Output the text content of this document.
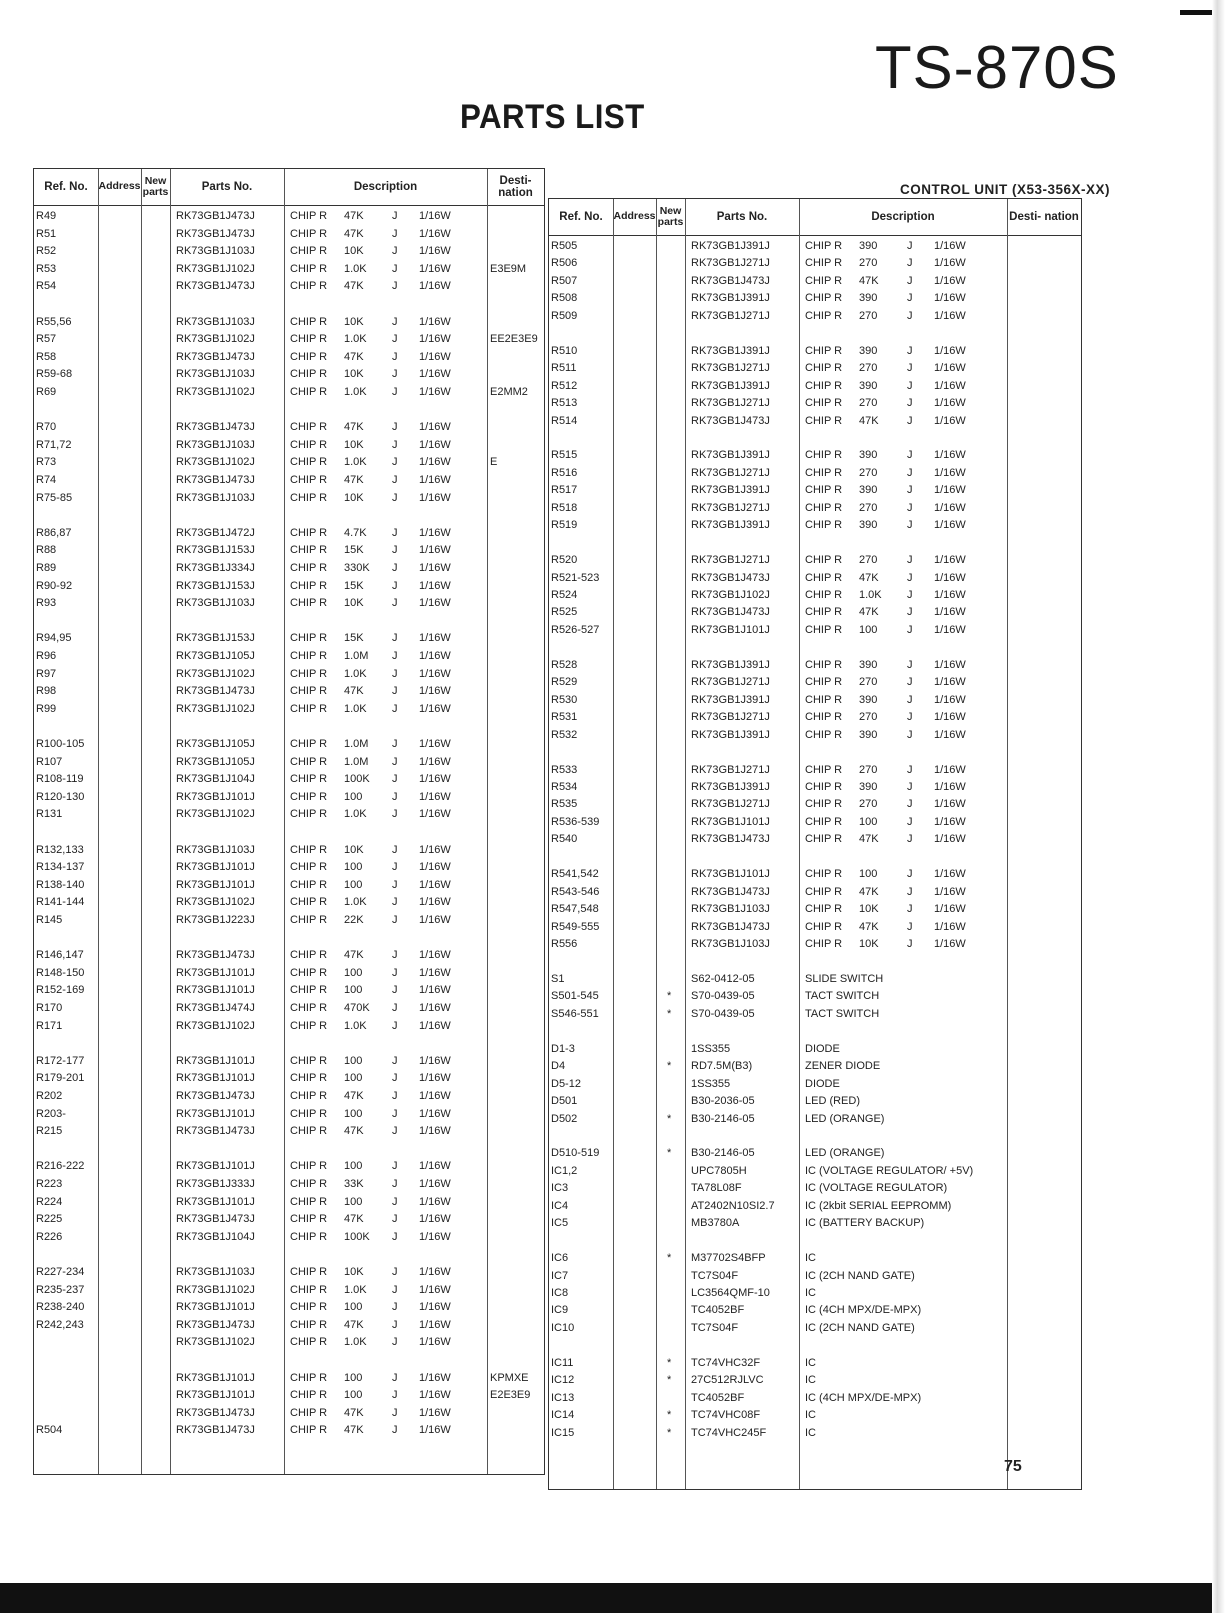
TS-870S
PARTS LIST
CONTROL UNIT (X53-356X-XX)
Ref. No.	Address New parts	Parts No.	Description
Desti- nation
R49	RK73GB1J473J	CHIP R 47K	J 1/16W
R51	RK73GB1J473J	CHIP R 47K	J 1/16W
R52	RK73GB1J103J	CHIP R 10K	J 1/16W
R53	RK73GB1J102J	CHIP R 1.0K J 1/16W	E3E9M
R54	RK73GB1J473J	CHIP R 47K	J 1/16W
R55,56	RK73GB1J103J	CHIP R 10K	J 1/16W
R57	RK73GB1J102J	CHIP R 1.0K J 1/16W	EE2E3E9
R58	RK73GB1J473J	CHIP R 47K	J 1/16W
R59-68	RK73GB1J103J	CHIP R 10K	J 1/16W
R69	RK73GB1J102J	CHIP R 1.0K J 1/16W	E2MM2
R70	RK73GB1J473J	CHIP R 47K	J 1/16W
R71,72	RK73GB1J103J	CHIP R 10K	J 1/16W
R73	RK73GB1J102J	CHIP R 1.0K J 1/16W	E
R74	RK73GB1J473J	CHIP R 47K	J 1/16W
R75-85	RK73GB1J103J	CHIP R 10K	J 1/16W
R86,87	RK73GB1J472J	CHIP R 4.7K J 1/16W
R88	RK73GB1J153J	CHIP R 15K	J 1/16W
R89	RK73GB1J334J	CHIP R 330K J 1/16W
R90-92	RK73GB1J153J	CHIP R 15K	J 1/16W
R93	RK73GB1J103J	CHIP R 10K	J 1/16W
R94,95	RK73GB1J153J	CHIP R 15K	J 1/16W
R96	RK73GB1J105J	CHIP R 1.0M J 1/16W
R97	RK73GB1J102J	CHIP R 1.0K J 1/16W
R98	RK73GB1J473J	CHIP R 47K	J 1/16W
R99	RK73GB1J102J	CHIP R 1.0K J 1/16W
R100-105	RK73GB1J105J	CHIP R 1.0M J 1/16W
R107	RK73GB1J105J	CHIP R 1.0M J 1/16W
R108-119	RK73GB1J104J	CHIP R 100K J 1/16W
R120-130	RK73GB1J101J	CHIP R 100	J 1/16W
R131	RK73GB1J102J	CHIP R 1.0K J 1/16W
R132,133	RK73GB1J103J	CHIP R 10K	J 1/16W
R134-137	RK73GB1J101J	CHIP R 100	J 1/16W
R138-140	RK73GB1J101J	CHIP R 100	J 1/16W
R141-144	RK73GB1J102J	CHIP R 1.0K J 1/16W
R145	RK73GB1J223J	CHIP R 22K	J 1/16W
R146,147	RK73GB1J473J	CHIP R 47K	J 1/16W
R148-150	RK73GB1J101J	CHIP R 100	J 1/16W
R152-169	RK73GB1J101J	CHIP R 100	J 1/16W
R170	RK73GB1J474J	CHIP R 470K J 1/16W
R171	RK73GB1J102J	CHIP R 1.0K J 1/16W
R172-177	RK73GB1J101J	CHIP R 100	J 1/16W
R179-201	RK73GB1J101J	CHIP R 100	J 1/16W
R202	RK73GB1J473J	CHIP R 47K	J 1/16W
R203-	RK73GB1J101J	CHIP R 100	J 1/16W
R215	RK73GB1J473J	CHIP R 47K	J 1/16W
R216-222	RK73GB1J101J	CHIP R 100	J 1/16W
R223	RK73GB1J333J	CHIP R 33K	J 1/16W
R224	RK73GB1J101J	CHIP R 100	J 1/16W
R225	RK73GB1J473J	CHIP R 47K	J 1/16W
R226	RK73GB1J104J	CHIP R 100K J 1/16W
R227-234	RK73GB1J103J	CHIP R 10K	J 1/16W
R235-237	RK73GB1J102J	CHIP R 1.0K J 1/16W
R238-240	RK73GB1J101J	CHIP R 100	J 1/16W
R242,243	RK73GB1J473J	CHIP R 47K	J 1/16W
RK73GB1J102J	CHIP R 1.0K J 1/16W
RK73GB1J101J	CHIP R 100	J 1/16W	KPMXE
RK73GB1J101J	CHIP R 100	J 1/16W	E2E3E9
RK73GB1J473J	CHIP R 47K	J 1/16W
R504	RK73GB1J473J	CHIP R 47K	J 1/16W
Ref. No.	Address New parts	Parts No.	Description	Desti- nation
R505	RK73GB1J391J	CHIP R 390	J 1/16W
R506	RK73GB1J271J	CHIP R 270	J 1/16W
R507	RK73GB1J473J	CHIP R 47K	J 1/16W
R508	RK73GB1J391J	CHIP R 390	J 1/16W
R509	RK73GB1J271J	CHIP R 270	J 1/16W
R510	RK73GB1J391J	CHIP R 390	J 1/16W
R511	RK73GB1J271J	CHIP R 270	J 1/16W
R512	RK73GB1J391J	CHIP R 390	J 1/16W
R513	RK73GB1J271J	CHIP R 270	J 1/16W
R514	RK73GB1J473J	CHIP R 47K	J 1/16W
R515	RK73GB1J391J	CHIP R 390	J 1/16W
R516	RK73GB1J271J	CHIP R 270	J 1/16W
R517	RK73GB1J391J	CHIP R 390	J 1/16W
R518	RK73GB1J271J	CHIP R 270	J 1/16W
R519	RK73GB1J391J	CHIP R 390	J 1/16W
R520	RK73GB1J271J	CHIP R 270	J 1/16W
R521-523	RK73GB1J473J	CHIP R 47K	J 1/16W
R524	RK73GB1J102J	CHIP R 1.0K J 1/16W
R525	RK73GB1J473J	CHIP R 47K	J 1/16W
R526-527	RK73GB1J101J	CHIP R 100	J 1/16W
R528	RK73GB1J391J	CHIP R 390	J 1/16W
R529	RK73GB1J271J	CHIP R 270	J 1/16W
R530	RK73GB1J391J	CHIP R 390	J 1/16W
R531	RK73GB1J271J	CHIP R 270	J 1/16W
R532	RK73GB1J391J	CHIP R 390	J 1/16W
R533	RK73GB1J271J	CHIP R 270	J 1/16W
R534	RK73GB1J391J	CHIP R 390	J 1/16W
R535	RK73GB1J271J	CHIP R 270	J 1/16W
R536-539	RK73GB1J101J	CHIP R 100	J 1/16W
R540	RK73GB1J473J	CHIP R 47K	J 1/16W
R541,542	RK73GB1J101J	CHIP R 100	J 1/16W
R543-546	RK73GB1J473J	CHIP R 47K	J 1/16W
R547,548	RK73GB1J103J	CHIP R 10K	J 1/16W
R549-555	RK73GB1J473J	CHIP R 47K	J 1/16W
R556	RK73GB1J103J	CHIP R 10K	J 1/16W
S1	S62-0412-05	SLIDE SWITCH
S501-545	* S70-0439-05	TACT SWITCH
S546-551	* S70-0439-05	TACT SWITCH
D1-3	1SS355	DIODE
D4	* RD7.5M(B3)	ZENER DIODE
D5-12	1SS355	DIODE
D501	B30-2036-05	LED (RED)
D502	* B30-2146-05	LED (ORANGE)
D510-519	* B30-2146-05	LED (ORANGE)
IC1,2	UPC7805H	IC (VOLTAGE REGULATOR/ +5V)
IC3	TA78L08F	IC (VOLTAGE REGULATOR)
IC4	AT2402N10SI2.7	IC (2kbit SERIAL EEPROMM)
IC5	MB3780A	IC (BATTERY BACKUP)
IC6	* M37702S4BFP	IC
IC7	TC7S04F	IC (2CH NAND GATE)
IC8	LC3564QMF-10	IC
IC9	TC4052BF	IC (4CH MPX/DE-MPX)
IC10	TC7S04F	IC (2CH NAND GATE)
IC11	* TC74VHC32F	IC
IC12	* 27C512RJLVC	IC
IC13	TC4052BF	IC (4CH MPX/DE-MPX)
IC14	* TC74VHC08F	IC
IC15	* TC74VHC245F	IC
75
